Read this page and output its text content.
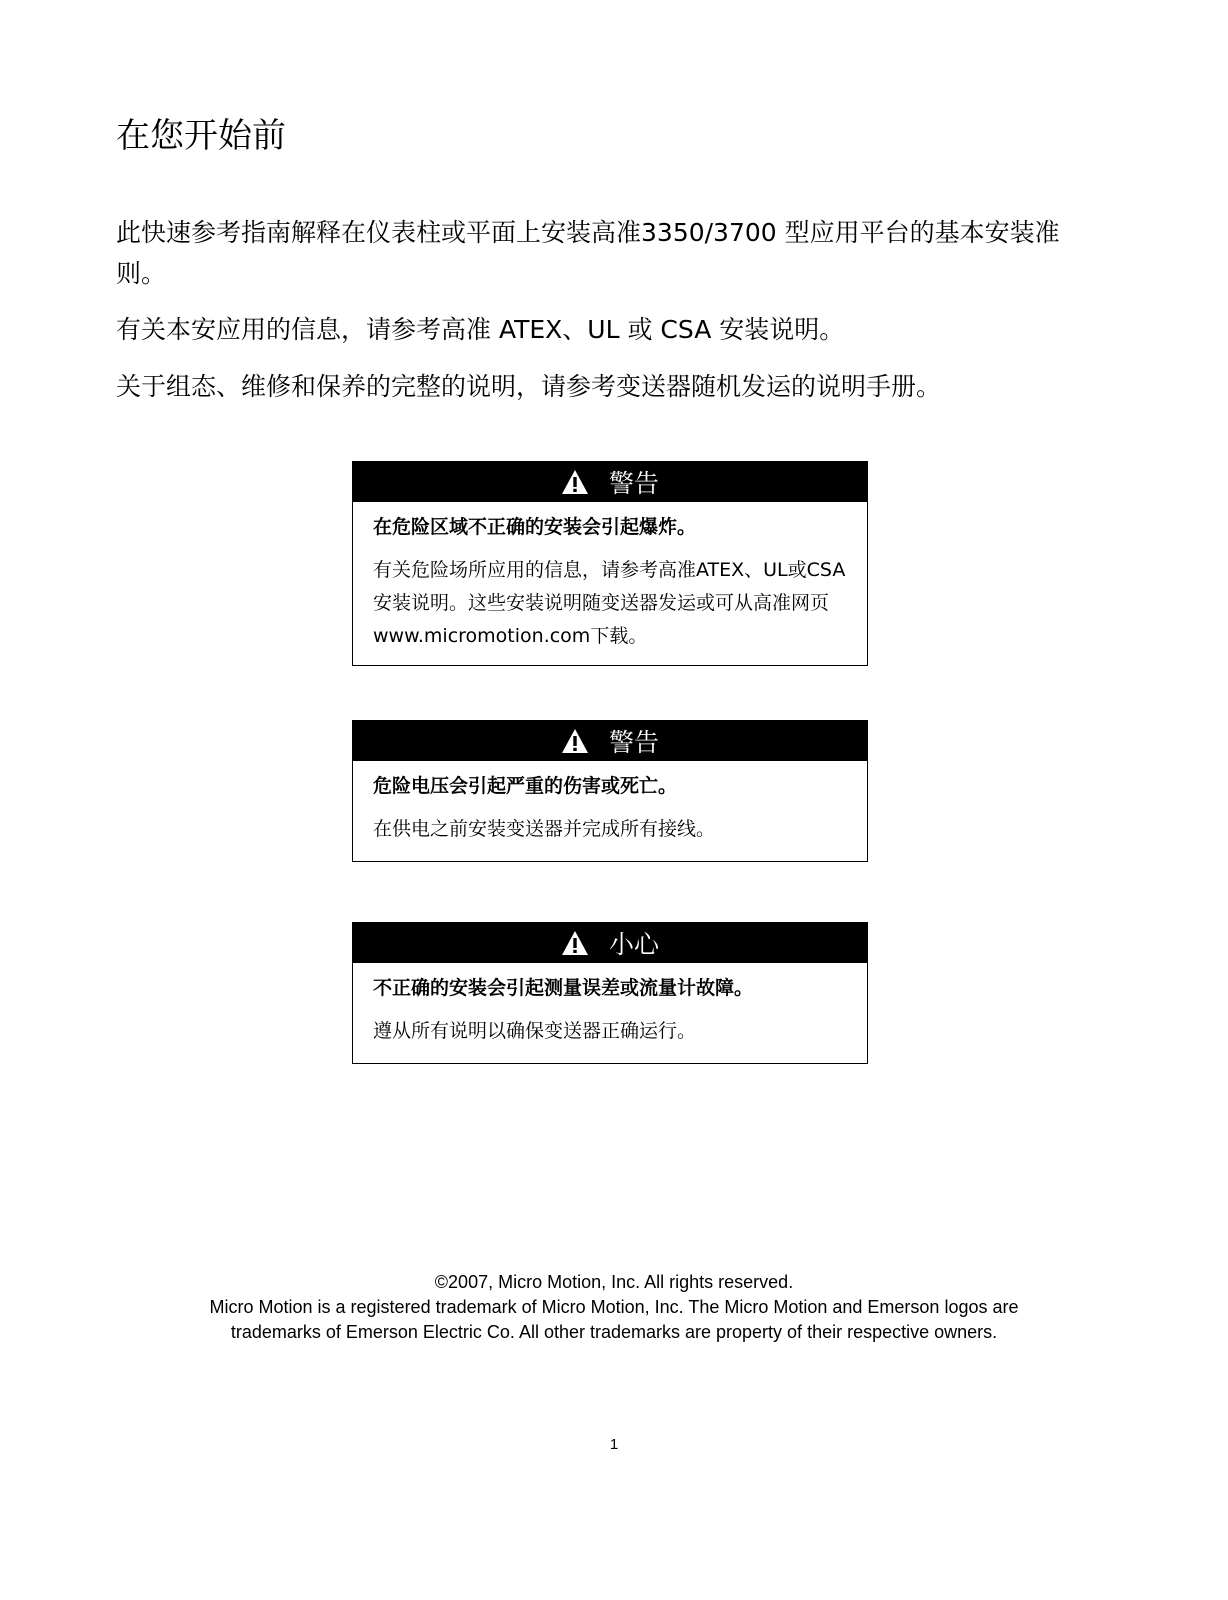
在您开始前

此快速参考指南解释在仪表柱或平面上安装高准3350/3700 型应用平台的基本安装准则。

有关本安应用的信息，请参考高准 ATEX、UL 或 CSA 安装说明。

关于组态、维修和保养的完整的说明，请参考变送器随机发运的说明手册。

警告

在危险区域不正确的安装会引起爆炸。

有关危险场所应用的信息，请参考高准ATEX、UL或CSA安装说明。这些安装说明随变送器发运或可从高准网页 www.micromotion.com下载。

警告

危险电压会引起严重的伤害或死亡。

在供电之前安装变送器并完成所有接线。

小心

不正确的安装会引起测量误差或流量计故障。

遵从所有说明以确保变送器正确运行。

©2007, Micro Motion, Inc. All rights reserved.

Micro Motion is a registered trademark of Micro Motion, Inc. The Micro Motion and Emerson logos are

trademarks of Emerson Electric Co. All other trademarks are property of their respective owners.

1
